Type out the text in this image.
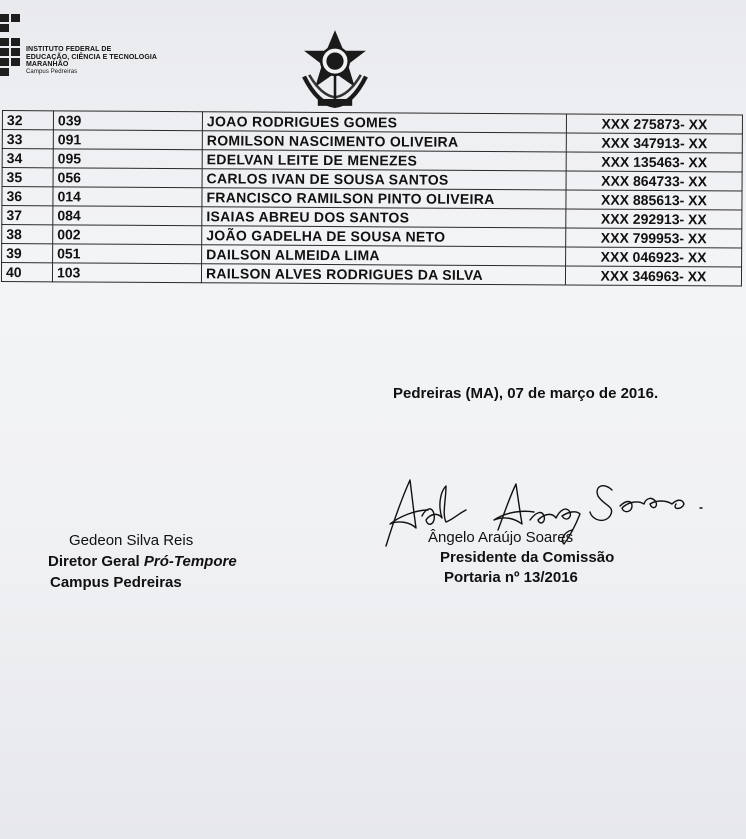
INSTITUTO FEDERAL DE
EDUCAÇÃO, CIÊNCIA E TECNOLOGIA
MARANHÃO
Campus Pedreiras
32	039	JOAO RODRIGUES GOMES	XXX 275873- XX
33	091	ROMILSON NASCIMENTO OLIVEIRA	XXX 347913- XX
34	095	EDELVAN LEITE DE MENEZES	XXX 135463- XX
35	056	CARLOS IVAN DE SOUSA SANTOS	XXX 864733- XX
36	014	FRANCISCO RAMILSON PINTO OLIVEIRA	XXX 885613- XX
37	084	ISAIAS ABREU DOS SANTOS	XXX 292913- XX
38	002	JOÃO GADELHA DE SOUSA NETO	XXX 799953- XX
39	051	DAILSON ALMEIDA LIMA	XXX 046923- XX
40	103	RAILSON ALVES RODRIGUES DA SILVA	XXX 346963- XX
Pedreiras (MA), 07 de março de 2016.
Gedeon Silva Reis
Diretor Geral Pró-Tempore
Campus Pedreiras
Ângelo Araújo Soares
Presidente da Comissão
Portaria nº 13/2016
